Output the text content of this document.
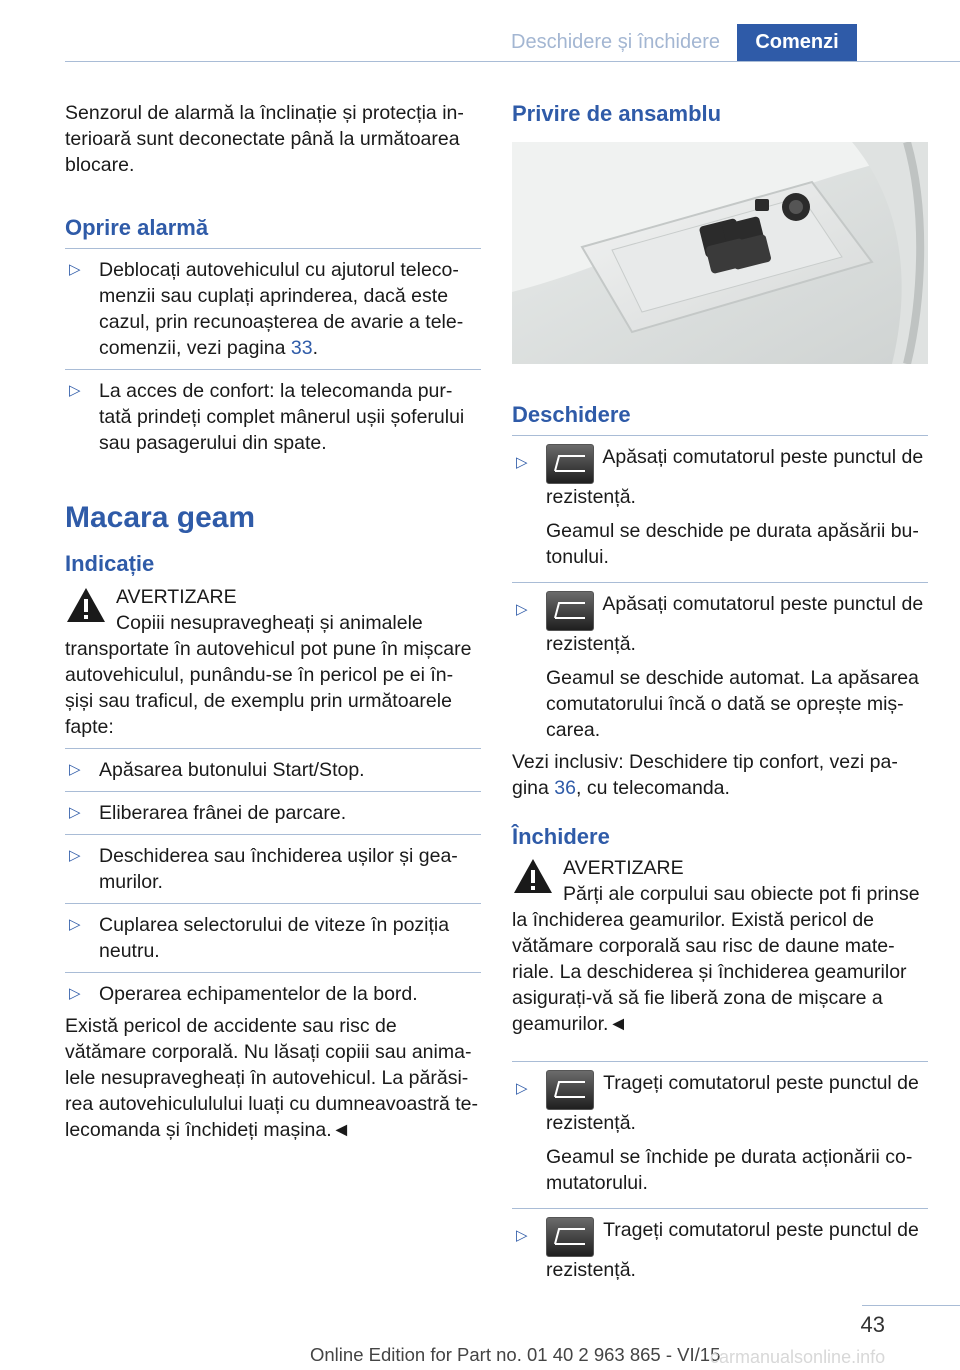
Deschidere și închidere	Comenzi

Senzorul de alarmă la înclinație și protecția in-terioară sunt deconectate până la următoarea blocare.

Oprire alarmă

▷ Deblocați autovehiculul cu ajutorul teleco-menzii sau cuplați aprinderea, dacă este cazul, prin recunoașterea de avarie a tele-comenzii, vezi pagina 33.
▷ La acces de confort: la telecomanda pur-tată prindeți complet mânerul ușii șoferului sau pasagerului din spate.

Macara geam

Indicație

AVERTIZARE

Copiii nesupravegheați și animalele

transportate în autovehicul pot pune în mișcare autovehiculul, punându-se în pericol pe ei în-șiși sau traficul, de exemplu prin următoarele fapte:

▷ Apăsarea butonului Start/Stop.
▷ Eliberarea frânei de parcare.
▷ Deschiderea sau închiderea ușilor și gea-murilor.
▷ Cuplarea selectorului de viteze în poziția neutru.
▷ Operarea echipamentelor de la bord.

Există pericol de accidente sau risc de vătămare corporală. Nu lăsați copiii sau anima-lele nesupravegheați în autovehicul. La părăsi-rea autovehicululului luați cu dumneavoastră te-lecomanda și închideți mașina.◄

Privire de ansamblu

Deschidere

▷	Apăsați comutatorul peste punctul de rezistență.

Geamul se deschide pe durata apăsării bu-tonului.

▷	Apăsați comutatorul peste punctul de rezistență.

Geamul se deschide automat. La apăsarea comutatorului încă o dată se oprește miș-carea.

Vezi inclusiv: Deschidere tip confort, vezi pa-gina 36, cu telecomanda.

Închidere

AVERTIZARE

Părți ale corpului sau obiecte pot fi prinse

la închiderea geamurilor. Există pericol de vătămare corporală sau risc de daune mate-riale. La deschiderea și închiderea geamurilor asigurați-vă să fie liberă zona de mișcare a geamurilor.◄

▷	Trageți comutatorul peste punctul de rezistență.

Geamul se închide pe durata acționării co-mutatorului.

▷	Trageți comutatorul peste punctul de rezistență.
43
Online Edition for Part no. 01 40 2 963 865 - VI/15
carmanualsonline.info
